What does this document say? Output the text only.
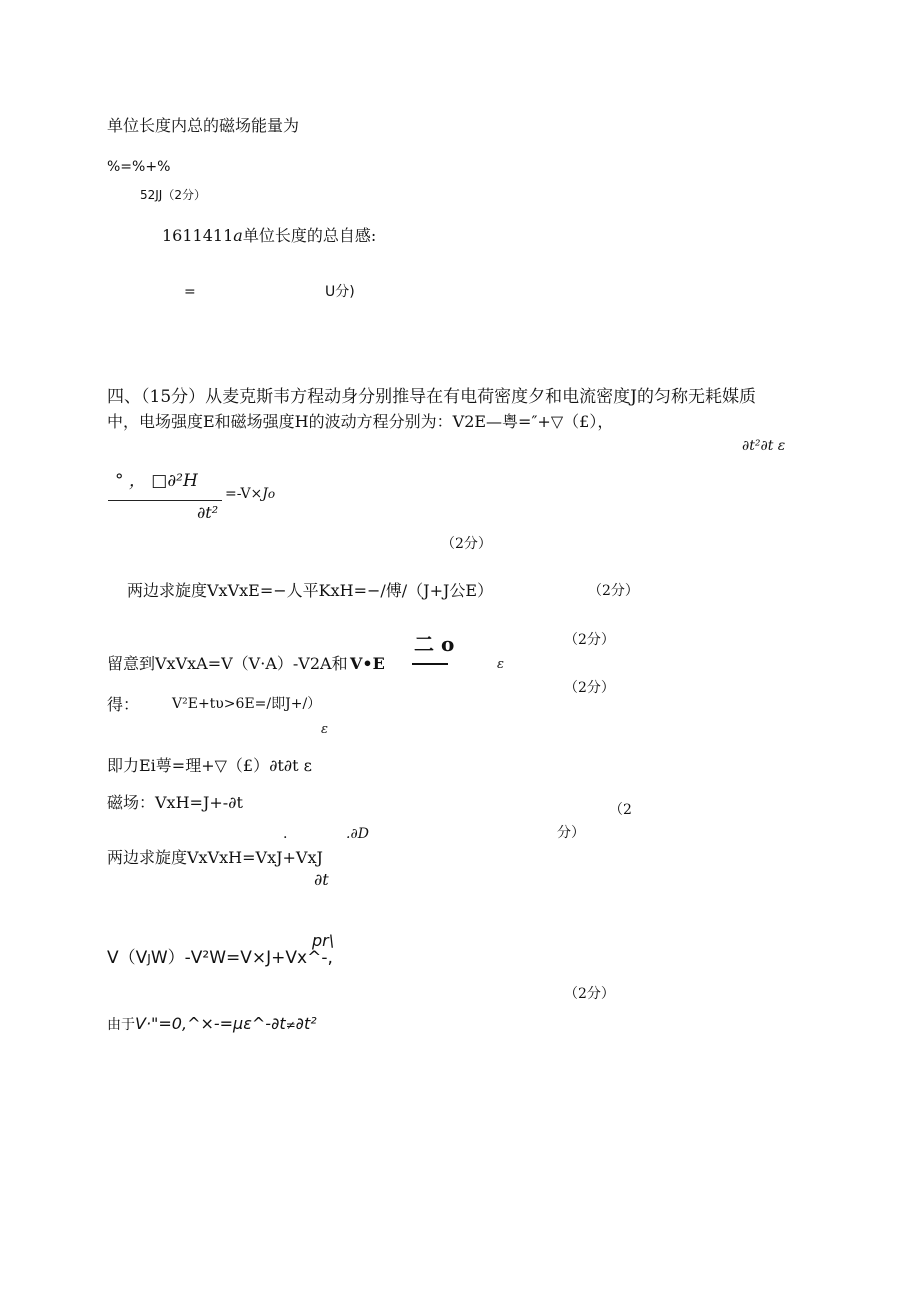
单位长度内总的磁场能量为
%=%+%
52JJ（2分）
1611411a单位长度的总自感:
=	U分)
四、（15分）从麦克斯韦方程动身分别推导在有电荷密度夕和电流密度J的匀称无耗媒质
中，电场强度E和磁场强度H的波动方程分别为：V2E—粤=″+▽（£），
∂t²∂t ε
° ， □∂²H
∂t²
=-V×Jo
（2分）
两边求旋度VxVxE=−人平KxH=−/傅/（J+J公E）	（2分）
（2分）
留意到VxVxA=V（V·A）-V2A和 V•E
二 o
ε
（2分）
得： V²E+tυ>6E=/即J+/）
ε
即力Ei萼=理+▽（£）∂t∂t ε
磁场：VxH=J+-∂t	（2
分）
.	.∂D
两边求旋度VxVxH=VxJ+VxJ
∂t
pr\
V（VJW）-V²W=V×J+Vx^-,
（2分）
由于V·"=0,^×-=με^-∂t≠∂t²
